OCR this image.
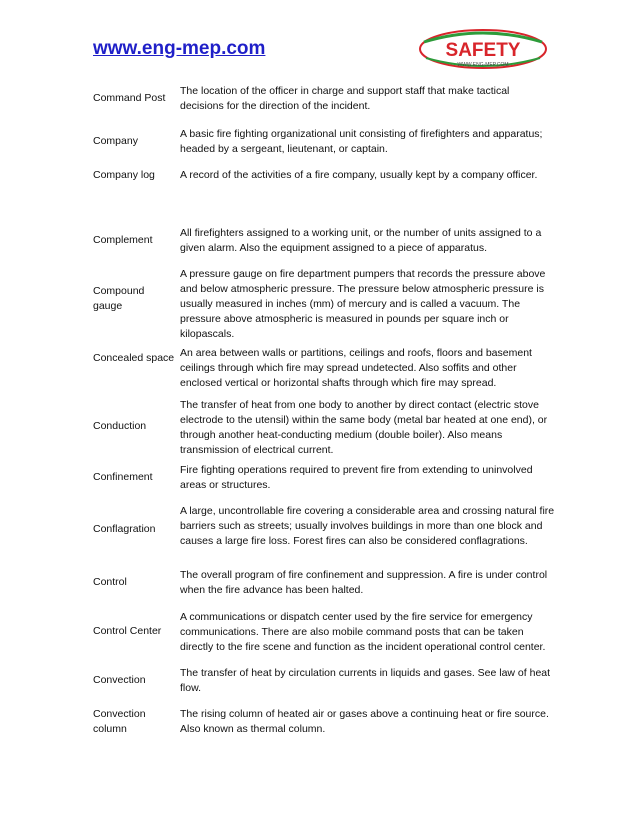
www.eng-mep.com	SAFETY
WWW.ENG-MEP.COM
Command Post
The location of the officer in charge and support staff that make tactical decisions for the direction of the incident.
Company
A basic fire fighting organizational unit consisting of firefighters and apparatus; headed by a sergeant, lieutenant, or captain.
Company log	A record of the activities of a fire company, usually kept by a company officer.
Complement
All firefighters assigned to a working unit, or the number of units assigned to a given alarm. Also the equipment assigned to a piece of apparatus.
Compound gauge
A pressure gauge on fire department pumpers that records the pressure above and below atmospheric pressure. The pressure below atmospheric pressure is usually measured in inches (mm) of mercury and is called a vacuum. The pressure above atmospheric is measured in pounds per square inch or kilopascals.
Concealed space An area between walls or partitions, ceilings and roofs, floors and basement ceilings through which fire may spread undetected. Also soffits and other enclosed vertical or horizontal shafts through which fire may spread.
Conduction
The transfer of heat from one body to another by direct contact (electric stove electrode to the utensil) within the same body (metal bar heated at one end), or through another heat-conducting medium (double boiler). Also means transmission of electrical current.
Confinement
Fire fighting operations required to prevent fire from extending to uninvolved areas or structures.
Conflagration
A large, uncontrollable fire covering a considerable area and crossing natural fire barriers such as streets; usually involves buildings in more than one block and causes a large fire loss. Forest fires can also be considered conflagrations.
Control
The overall program of fire confinement and suppression. A fire is under control when the fire advance has been halted.
Control Center
A communications or dispatch center used by the fire service for emergency communications. There are also mobile command posts that can be taken directly to the fire scene and function as the incident operational control center.
Convection
The transfer of heat by circulation currents in liquids and gases. See law of heat flow.
Convection column
The rising column of heated air or gases above a continuing heat or fire source. Also known as thermal column.
